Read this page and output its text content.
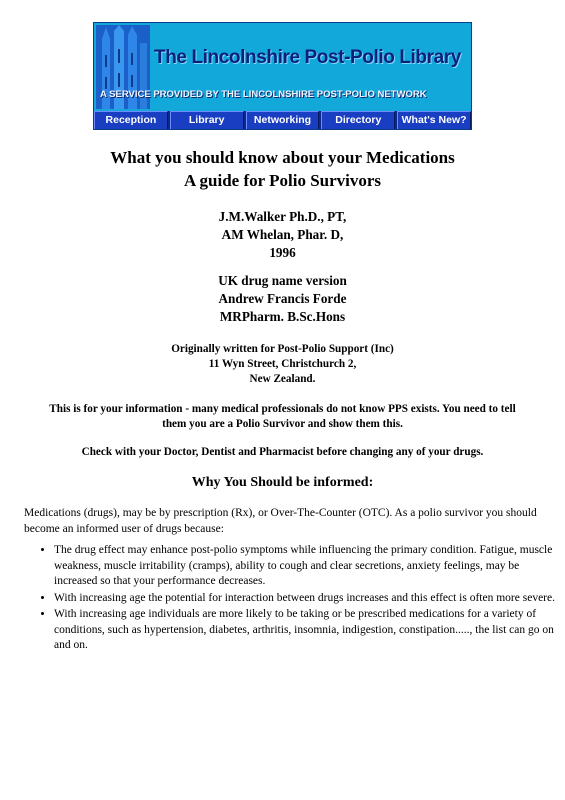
The Lincolnshire Post-Polio Library
A SERVICE PROVIDED BY THE LINCOLNSHIRE POST-POLIO NETWORK
Reception	Library	Networking	Directory	What's New?
What you should know about your Medications
A guide for Polio Survivors
J.M.Walker Ph.D., PT,
AM Whelan, Phar. D,
1996
UK drug name version
Andrew Francis Forde
MRPharm. B.Sc.Hons
Originally written for Post-Polio Support (Inc)
11 Wyn Street, Christchurch 2,
New Zealand.
This is for your information - many medical professionals do not know PPS exists. You need to tell
them you are a Polio Survivor and show them this.
Check with your Doctor, Dentist and Pharmacist before changing any of your drugs.
Why You Should be informed:
Medications (drugs), may be by prescription (Rx), or Over-The-Counter (OTC). As a polio survivor you should become an informed user of drugs because:
• The drug effect may enhance post-polio symptoms while influencing the primary condition. Fatigue, muscle weakness, muscle irritability (cramps), ability to cough and clear secretions, anxiety feelings, may be increased so that your performance decreases.
• With increasing age the potential for interaction between drugs increases and this effect is often more severe.
• With increasing age individuals are more likely to be taking or be prescribed medications for a variety of conditions, such as hypertension, diabetes, arthritis, insomnia, indigestion, constipation....., the list can go on and on.
